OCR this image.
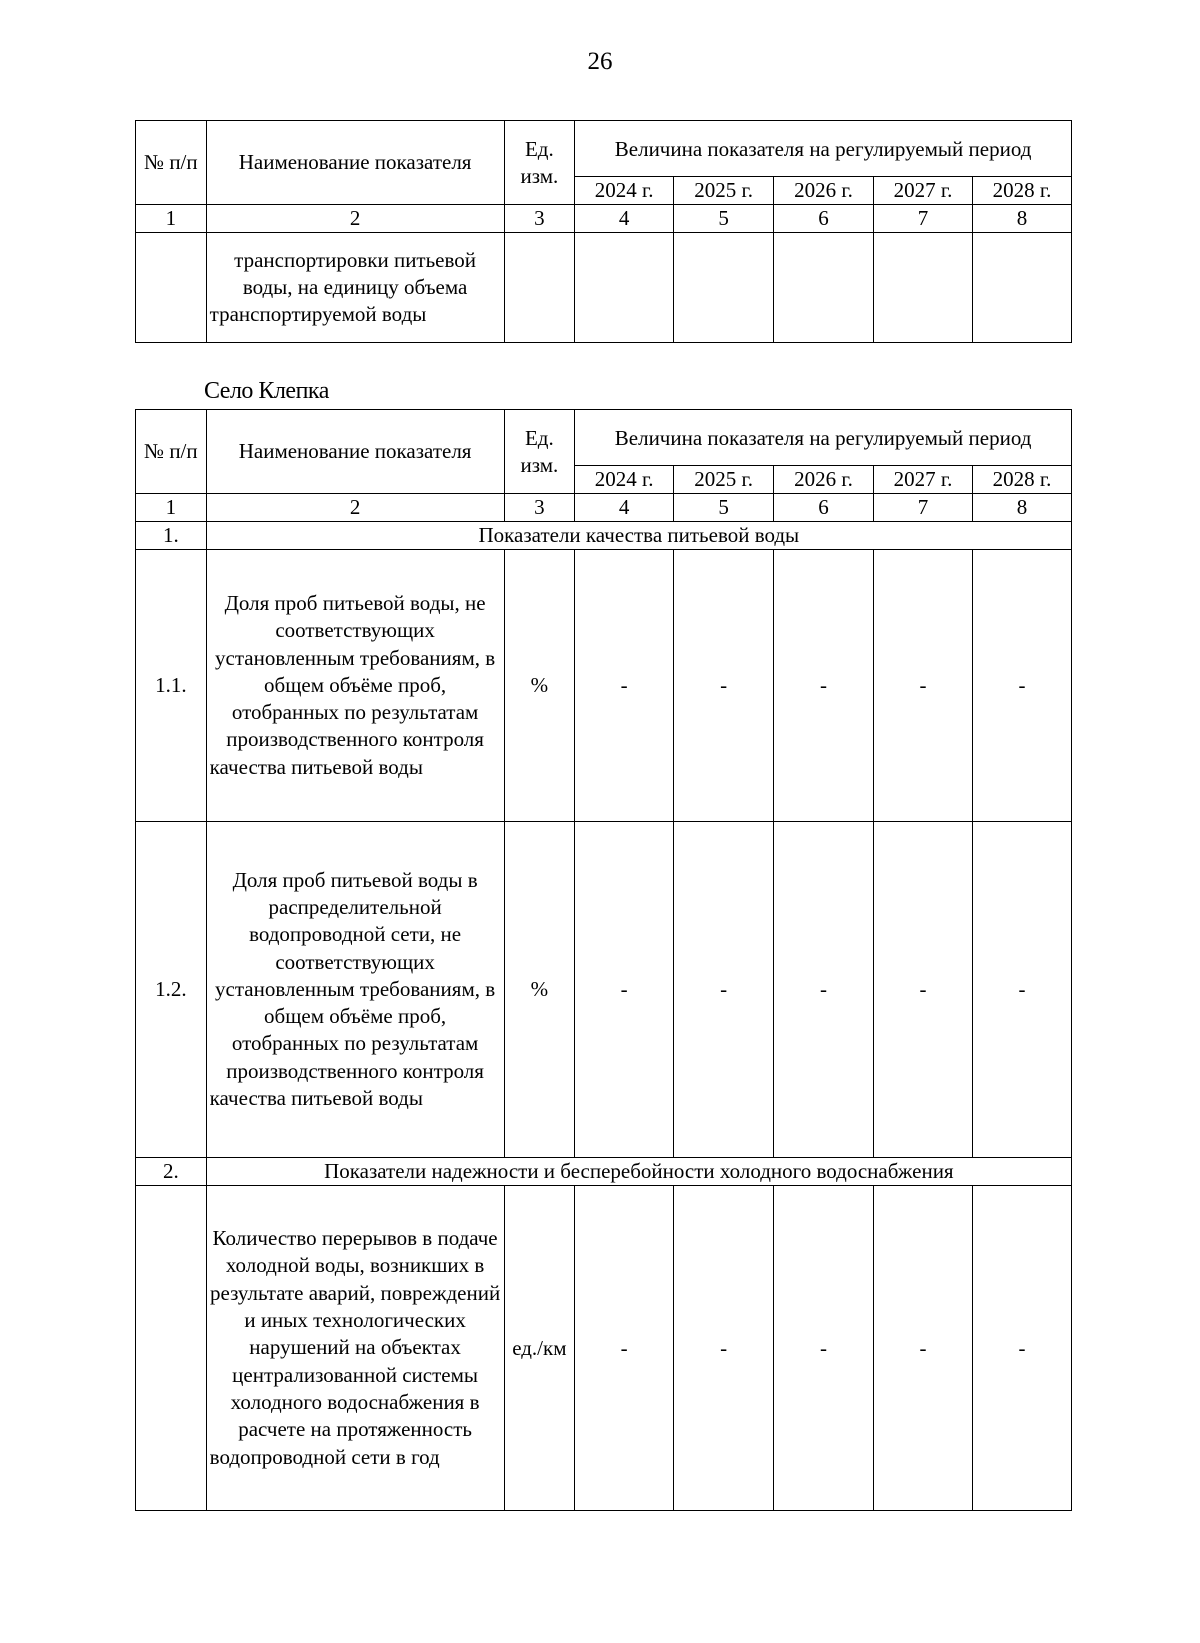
26
№ п/п	Наименование показателя	Ед. изм.	Величина показателя на регулируемый период				
			2024 г.	2025 г.	2026 г.	2027 г.	2028 г.
1	2	3	4	5	6	7	8
	транспортировки питьевой воды, на единицу объема транспортируемой воды						
Село Клепка
№ п/п	Наименование показателя	Ед. изм.	Величина показателя на регулируемый период				
			2024 г.	2025 г.	2026 г.	2027 г.	2028 г.
1	2	3	4	5	6	7	8
1.	Показатели качества питьевой воды						
1.1.	Доля проб питьевой воды, не соответствующих установленным требованиям, в общем объёме проб, отобранных по результатам производственного контроля качества питьевой воды	%	-	-	-	-	-
1.2.	Доля проб питьевой воды в распределительной водопроводной сети, не соответствующих установленным требованиям, в общем объёме проб, отобранных по результатам производственного контроля качества питьевой воды	%	-	-	-	-	-
2.	Показатели надежности и бесперебойности холодного водоснабжения						
	Количество перерывов в подаче холодной воды, возникших в результате аварий, повреждений и иных технологических нарушений на объектах централизованной системы холодного водоснабжения в расчете на протяженность водопроводной сети в год	ед./км	-	-	-	-	-
